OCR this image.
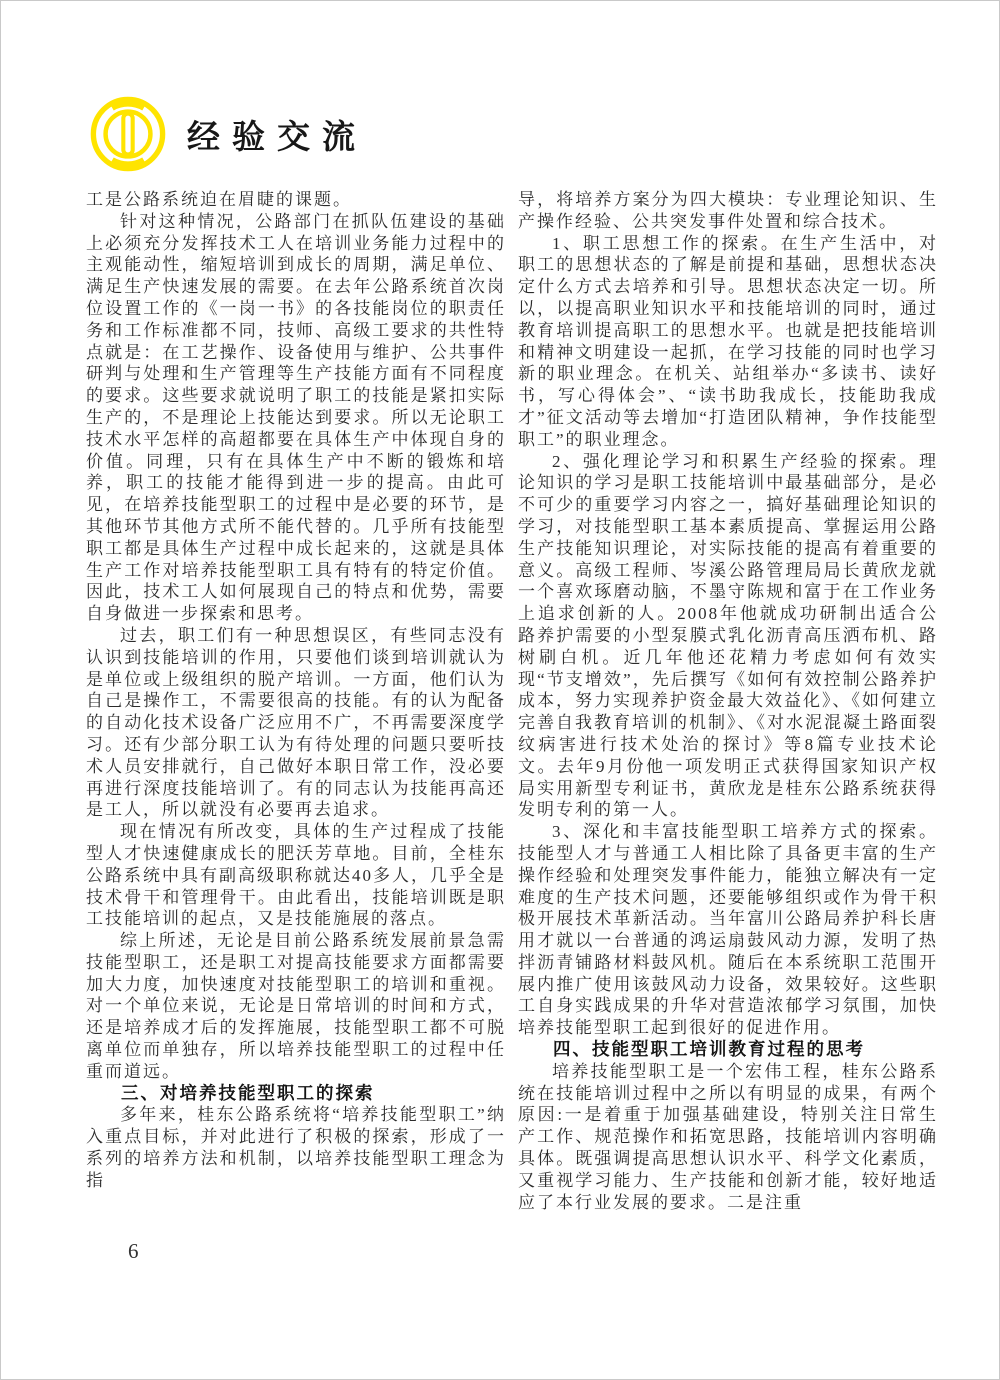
经验交流

工是公路系统迫在眉睫的课题。

针对这种情况，公路部门在抓队伍建设的基础上必须充分发挥技术工人在培训业务能力过程中的主观能动性，缩短培训到成长的周期，满足单位、满足生产快速发展的需要。在去年公路系统首次岗位设置工作的《一岗一书》的各技能岗位的职责任务和工作标准都不同，技师、高级工要求的共性特点就是：在工艺操作、设备使用与维护、公共事件研判与处理和生产管理等生产技能方面有不同程度的要求。这些要求就说明了职工的技能是紧扣实际生产的，不是理论上技能达到要求。所以无论职工技术水平怎样的高超都要在具体生产中体现自身的价值。同理，只有在具体生产中不断的锻炼和培养，职工的技能才能得到进一步的提高。由此可见，在培养技能型职工的过程中是必要的环节，是其他环节其他方式所不能代替的。几乎所有技能型职工都是具体生产过程中成长起来的，这就是具体生产工作对培养技能型职工具有特有的特定价值。因此，技术工人如何展现自己的特点和优势，需要自身做进一步探索和思考。

过去，职工们有一种思想误区，有些同志没有认识到技能培训的作用，只要他们谈到培训就认为是单位或上级组织的脱产培训。一方面，他们认为自己是操作工，不需要很高的技能。有的认为配备的自动化技术设备广泛应用不广，不再需要深度学习。还有少部分职工认为有待处理的问题只要听技术人员安排就行，自己做好本职日常工作，没必要再进行深度技能培训了。有的同志认为技能再高还是工人，所以就没有必要再去追求。

现在情况有所改变，具体的生产过程成了技能型人才快速健康成长的肥沃芳草地。目前，全桂东公路系统中具有副高级职称就达40多人，几乎全是技术骨干和管理骨干。由此看出，技能培训既是职工技能培训的起点，又是技能施展的落点。

综上所述，无论是目前公路系统发展前景急需技能型职工，还是职工对提高技能要求方面都需要加大力度，加快速度对技能型职工的培训和重视。对一个单位来说，无论是日常培训的时间和方式，还是培养成才后的发挥施展，技能型职工都不可脱离单位而单独存，所以培养技能型职工的过程中任重而道远。

三、对培养技能型职工的探索

多年来，桂东公路系统将“培养技能型职工”纳入重点目标，并对此进行了积极的探索，形成了一系列的培养方法和机制，以培养技能型职工理念为指

导，将培养方案分为四大模块：专业理论知识、生产操作经验、公共突发事件处置和综合技术。

1、职工思想工作的探索。在生产生活中，对职工的思想状态的了解是前提和基础，思想状态决定什么方式去培养和引导。思想状态决定一切。所以，以提高职业知识水平和技能培训的同时，通过教育培训提高职工的思想水平。也就是把技能培训和精神文明建设一起抓，在学习技能的同时也学习新的职业理念。在机关、站组举办“多读书、读好书，写心得体会”、“读书助我成长，技能助我成才”征文活动等去增加“打造团队精神，争作技能型职工”的职业理念。

2、强化理论学习和积累生产经验的探索。理论知识的学习是职工技能培训中最基础部分，是必不可少的重要学习内容之一，搞好基础理论知识的学习，对技能型职工基本素质提高、掌握运用公路生产技能知识理论，对实际技能的提高有着重要的意义。高级工程师、岑溪公路管理局局长黄欣龙就一个喜欢琢磨动脑，不墨守陈规和富于在工作业务上追求创新的人。2008年他就成功研制出适合公路养护需要的小型泵膜式乳化沥青高压洒布机、路树刷白机。近几年他还花精力考虑如何有效实现“节支增效”，先后撰写《如何有效控制公路养护成本，努力实现养护资金最大效益化》、《如何建立完善自我教育培训的机制》、《对水泥混凝土路面裂纹病害进行技术处治的探讨》等8篇专业技术论文。去年9月份他一项发明正式获得国家知识产权局实用新型专利证书，黄欣龙是桂东公路系统获得发明专利的第一人。

3、深化和丰富技能型职工培养方式的探索。技能型人才与普通工人相比除了具备更丰富的生产操作经验和处理突发事件能力，能独立解决有一定难度的生产技术问题，还要能够组织或作为骨干积极开展技术革新活动。当年富川公路局养护科长唐用才就以一台普通的鸿运扇鼓风动力源，发明了热拌沥青铺路材料鼓风机。随后在本系统职工范围开展内推广使用该鼓风动力设备，效果较好。这些职工自身实践成果的升华对营造浓郁学习氛围，加快培养技能型职工起到很好的促进作用。

四、技能型职工培训教育过程的思考

培养技能型职工是一个宏伟工程，桂东公路系统在技能培训过程中之所以有明显的成果，有两个原因:一是着重于加强基础建设，特别关注日常生产工作、规范操作和拓宽思路，技能培训内容明确具体。既强调提高思想认识水平、科学文化素质，又重视学习能力、生产技能和创新才能，较好地适应了本行业发展的要求。二是注重

6
